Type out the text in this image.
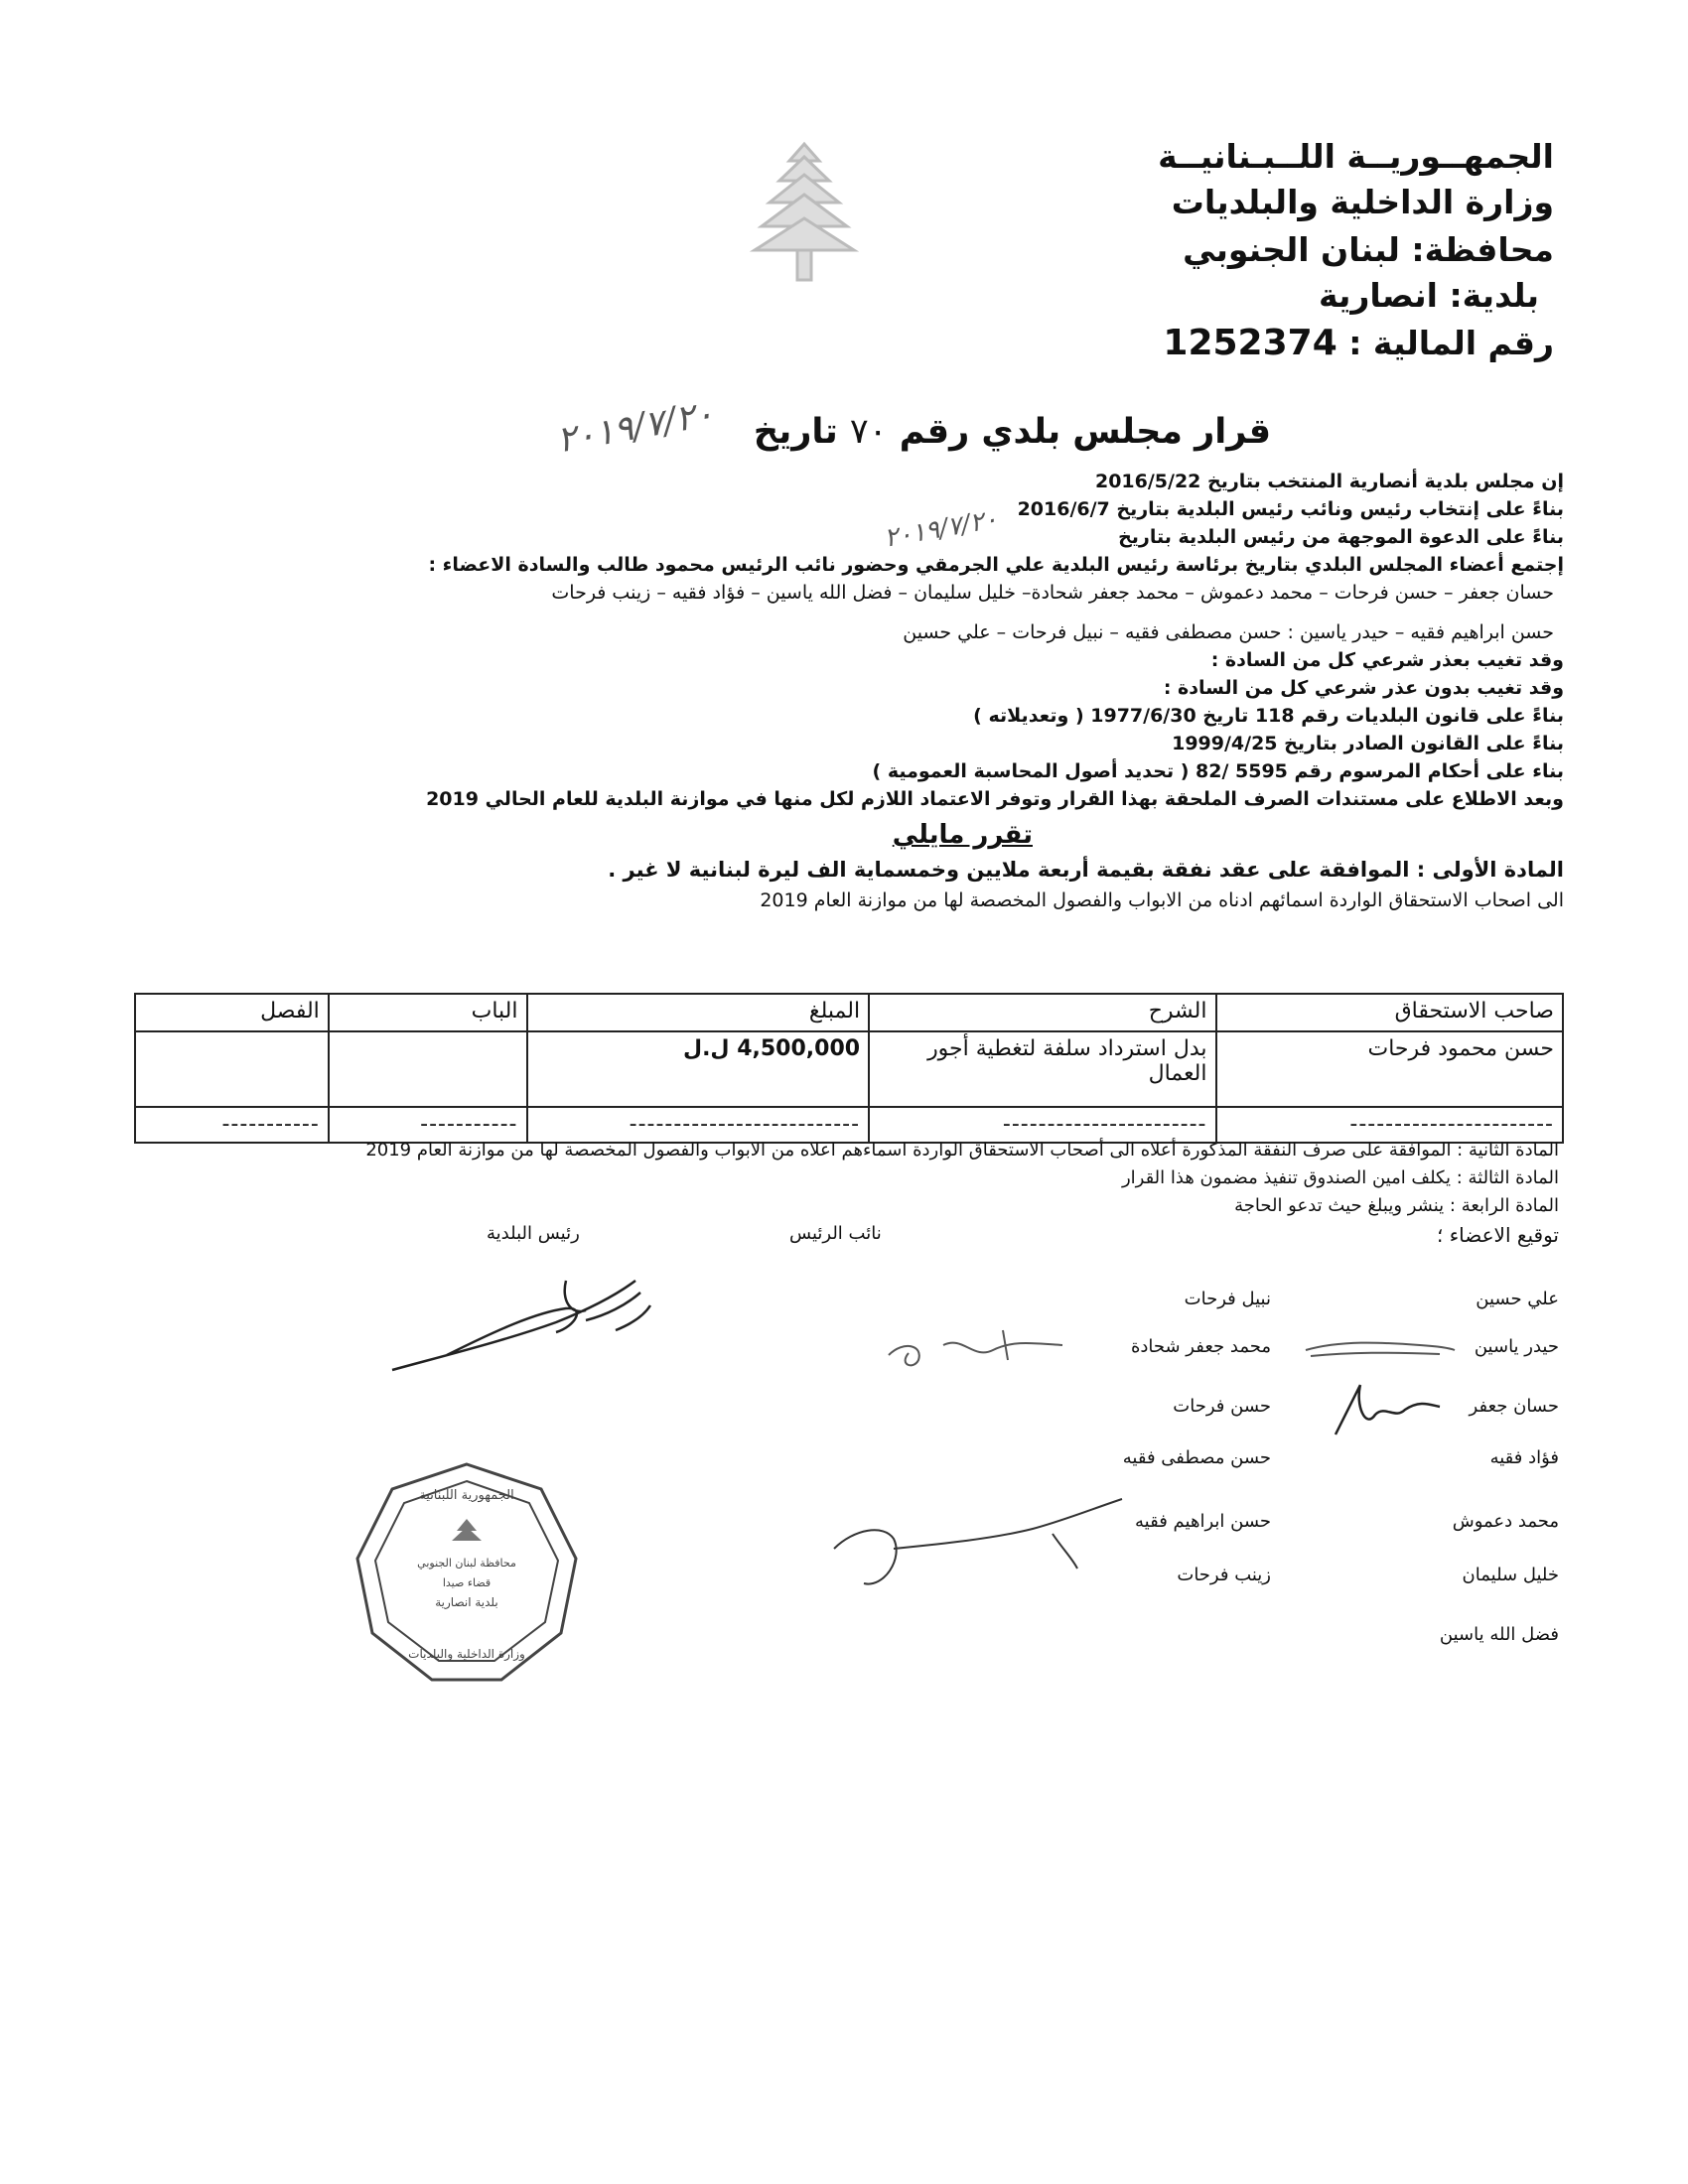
الجمهــوريــة اللــبـنانيــة
وزارة الداخلية والبلديات
محافظة: لبنان الجنوبي
بلدية: انصارية
رقم المالية : 1252374
قرار مجلس بلدي رقم ٧٠ تاريخ
٢٠١٩/٧/٢٠
إن مجلس بلدية أنصارية المنتخب بتاريخ 2016/5/22
بناءً على إنتخاب رئيس ونائب رئيس البلدية بتاريخ 2016/6/7
بناءً على الدعوة الموجهة من رئيس البلدية بتاريخ
٢٠١٩/٧/٢٠
إجتمع أعضاء المجلس البلدي بتاريخ برئاسة رئيس البلدية علي الجرمقي وحضور نائب الرئيس محمود طالب والسادة الاعضاء :
حسان جعفر – حسن فرحات – محمد دعموش – محمد جعفر شحادة– خليل سليمان – فضل الله ياسين – فؤاد فقيه – زينب فرحات
حسن ابراهيم فقيه – حيدر ياسين : حسن مصطفى فقيه – نبيل فرحات – علي حسين
وقد تغيب بعذر شرعي كل من السادة :
وقد تغيب بدون عذر شرعي كل من السادة :
بناءً على قانون البلديات رقم 118 تاريخ 1977/6/30 ( وتعديلاته )
بناءً على القانون الصادر بتاريخ 1999/4/25
بناء على أحكام المرسوم رقم 5595 /82 ( تحديد أصول المحاسبة العمومية )
وبعد الاطلاع على مستندات الصرف الملحقة بهذا القرار وتوفر الاعتماد اللازم لكل منها في موازنة البلدية للعام الحالي 2019
تقرر مايلي
المادة الأولى : الموافقة على عقد نفقة بقيمة أربعة ملايين وخمسماية الف ليرة لبنانية لا غير .
الى اصحاب الاستحقاق الواردة اسمائهم ادناه من الابواب والفصول المخصصة لها من موازنة العام 2019
صاحب الاستحقاق	الشرح	المبلغ	الباب	الفصل
حسن محمود فرحات	بدل استرداد سلفة لتغطية أجور العمال	4,500,000 ل.ل		
-----------------------	-----------------------	--------------------------	-----------	-----------
المادة الثانية : الموافقة على صرف النفقة المذكورة أعلاه الى أصحاب الاستحقاق الواردة اسماءهم اعلاه من الابواب والفصول المخصصة لها من موازنة العام 2019
المادة الثالثة : يكلف امين الصندوق تنفيذ مضمون هذا القرار
المادة الرابعة : ينشر ويبلغ حيث تدعو الحاجة
توقيع الاعضاء ؛
نائب الرئيس
رئيس البلدية
علي حسين
حيدر ياسين
حسان جعفر
فؤاد فقيه
محمد دعموش
خليل سليمان
فضل الله ياسين
نبيل فرحات
محمد جعفر شحادة
حسن فرحات
حسن مصطفى فقيه
حسن ابراهيم فقيه
زينب فرحات
الجمهورية اللبنانية
وزارة الداخلية والبلديات
محافظة لبنان الجنوبي
قضاء صيدا
بلدية انصارية
